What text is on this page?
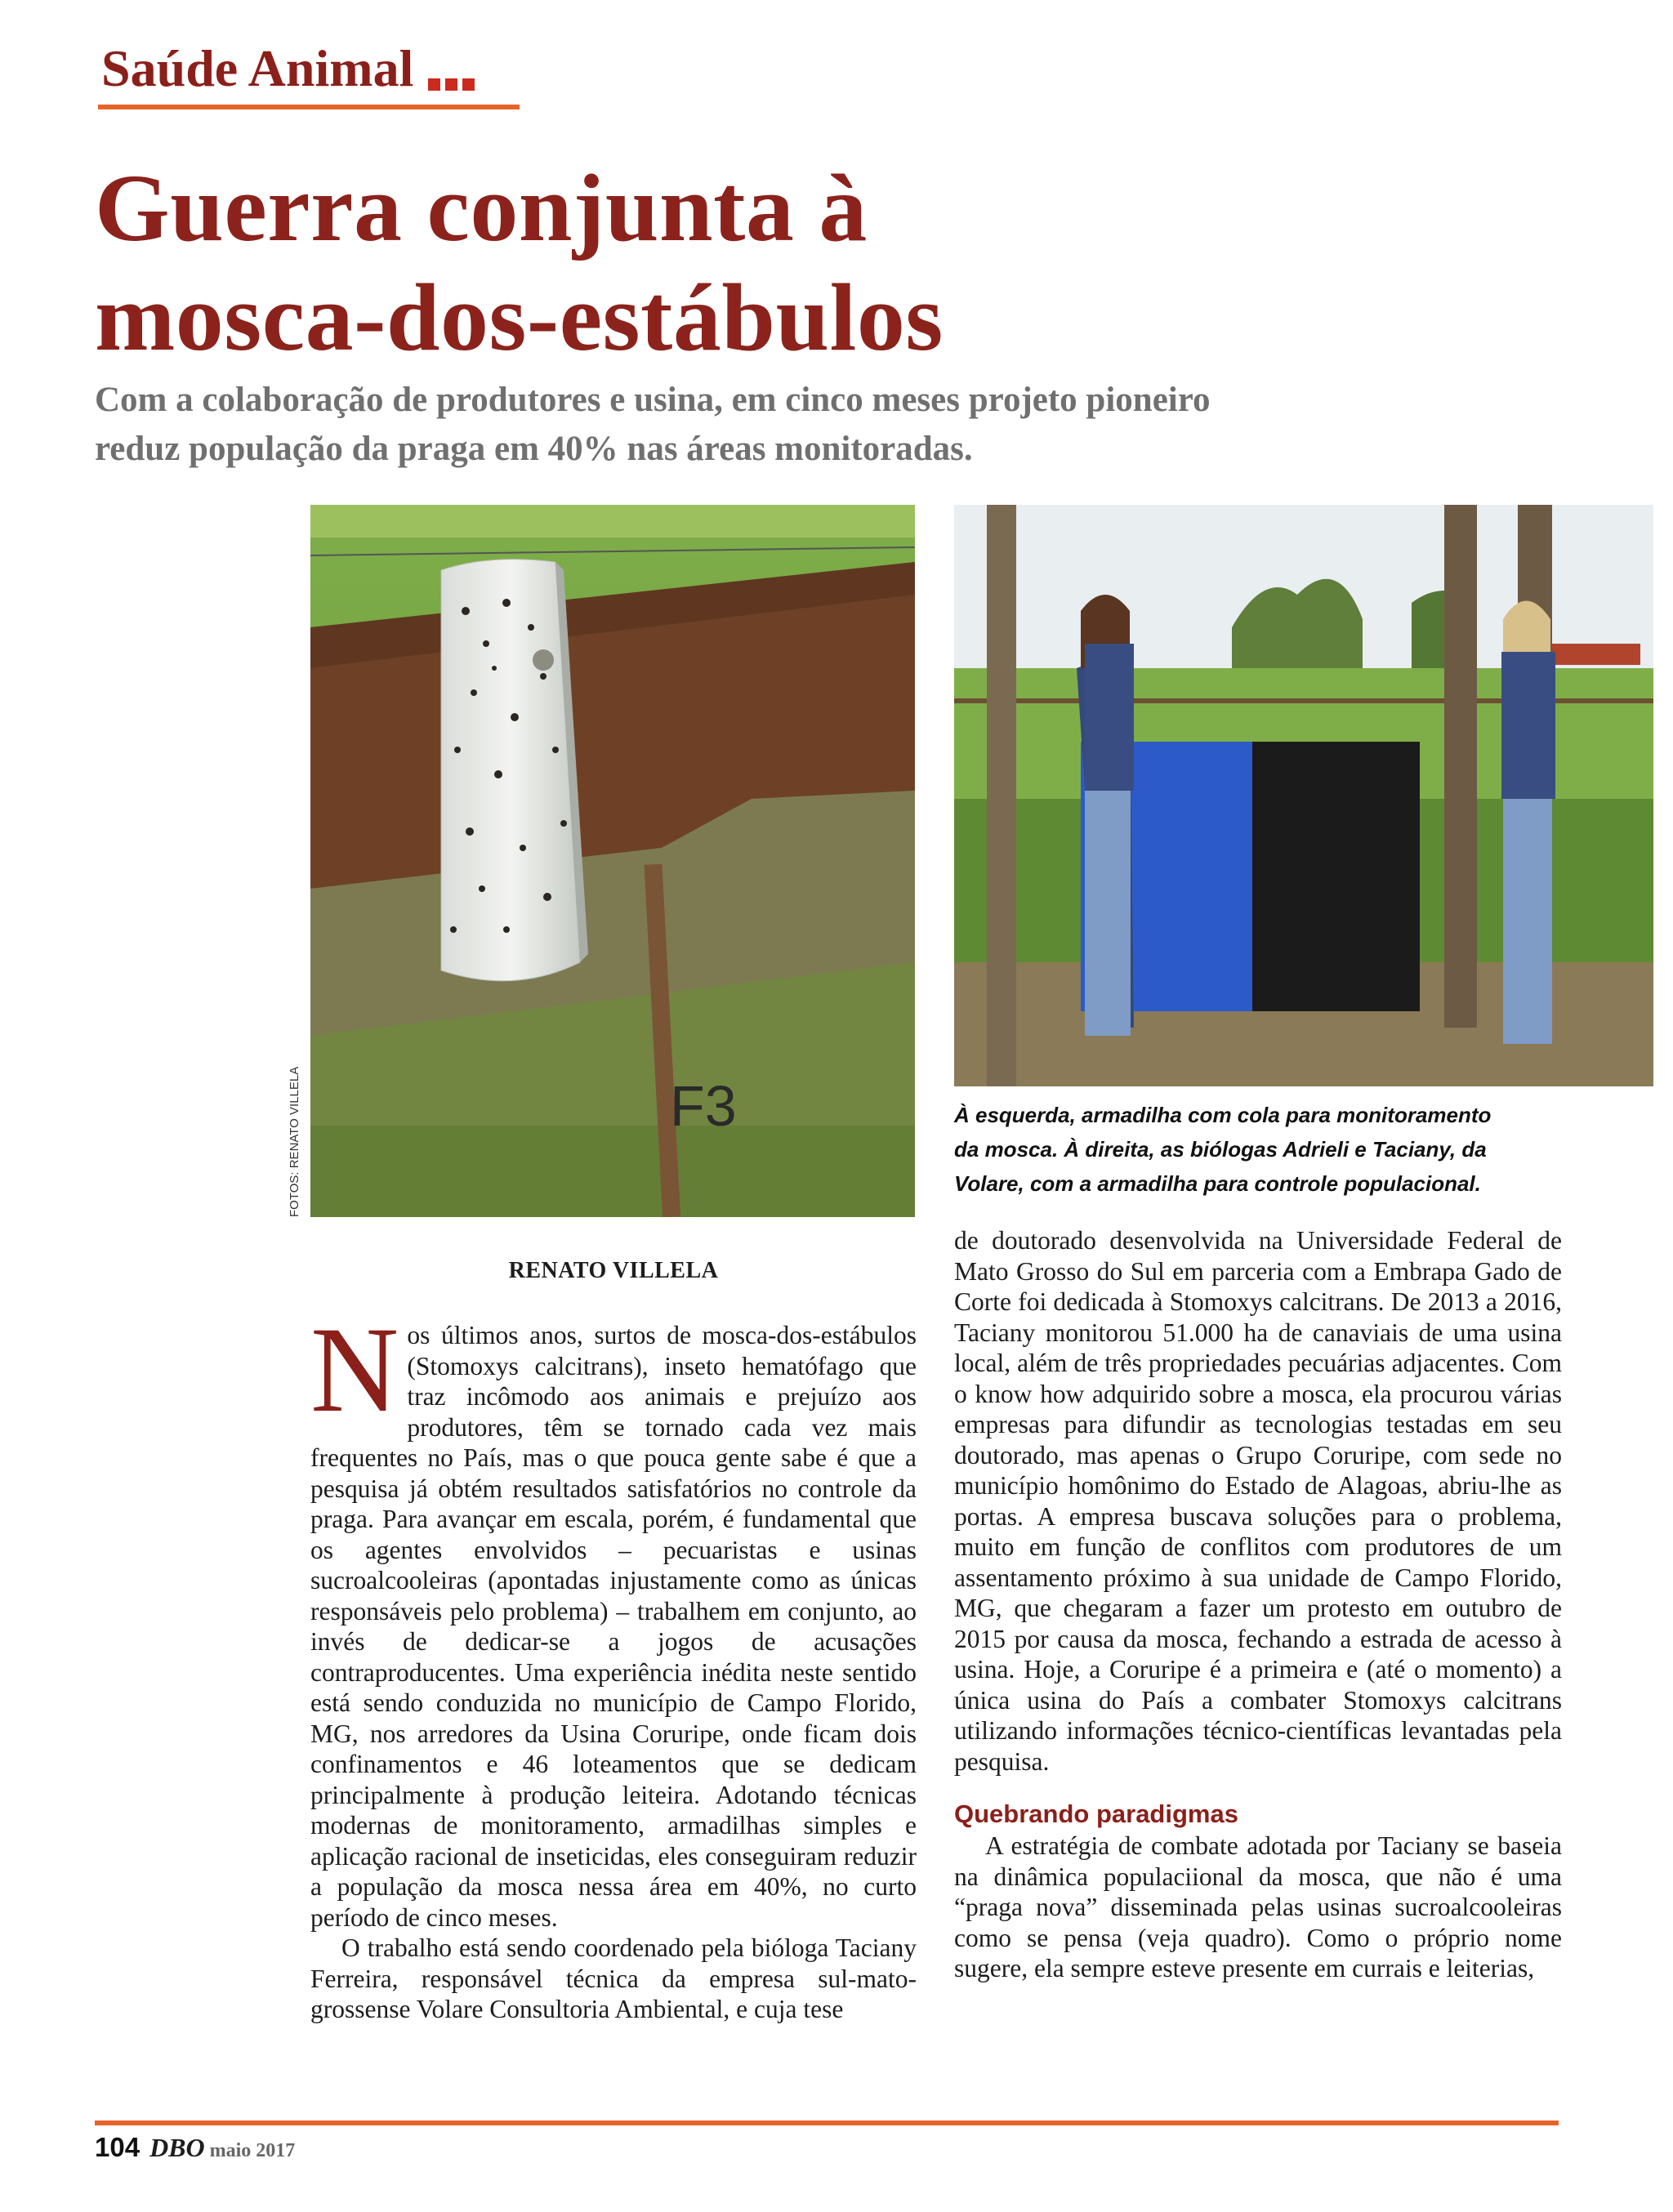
Saúde Animal
Guerra conjunta à
mosca-dos-estábulos
Com a colaboração de produtores e usina, em cinco meses projeto pioneiro
reduz população da praga em 40% nas áreas monitoradas.
F3
FOTOS: RENATO VILLELA	À esquerda, armadilha com cola para monitoramento
da mosca. À direita, as biólogas Adrieli e Taciany, da
Volare, com a armadilha para controle populacional.
RENATO VILLELA

Nos últimos anos, surtos de mosca-dos-estábulos (Stomoxys calcitrans), inseto hematófago que traz incômodo aos animais e prejuízo aos produtores, têm se tornado cada vez mais frequentes no País, mas o que pouca gente sabe é que a pesquisa já obtém resultados satisfatórios no controle da praga. Para avançar em escala, porém, é fundamental que os agentes envolvidos – pecuaristas e usinas sucroalcooleiras (apontadas injustamente como as únicas responsáveis pelo problema) – trabalhem em conjunto, ao invés de dedicar-se a jogos de acusações contraproducentes. Uma experiência inédita neste sentido está sendo conduzida no município de Campo Florido, MG, nos arredores da Usina Coruripe, onde ficam dois confinamentos e 46 loteamentos que se dedicam principalmente à produção leiteira. Adotando técnicas modernas de monitoramento, armadilhas simples e aplicação racional de inseticidas, eles conseguiram reduzir a população da mosca nessa área em 40%, no curto período de cinco meses.

O trabalho está sendo coordenado pela bióloga Taciany Ferreira, responsável técnica da empresa sul-mato-grossense Volare Consultoria Ambiental, e cuja tese

de doutorado desenvolvida na Universidade Federal de Mato Grosso do Sul em parceria com a Embrapa Gado de Corte foi dedicada à Stomoxys calcitrans. De 2013 a 2016, Taciany monitorou 51.000 ha de canaviais de uma usina local, além de três propriedades pecuárias adjacentes. Com o know how adquirido sobre a mosca, ela procurou várias empresas para difundir as tecnologias testadas em seu doutorado, mas apenas o Grupo Coruripe, com sede no município homônimo do Estado de Alagoas, abriu-lhe as portas. A empresa buscava soluções para o problema, muito em função de conflitos com produtores de um assentamento próximo à sua unidade de Campo Florido, MG, que chegaram a fazer um protesto em outubro de 2015 por causa da mosca, fechando a estrada de acesso à usina. Hoje, a Coruripe é a primeira e (até o momento) a única usina do País a combater Stomoxys calcitrans utilizando informações técnico-científicas levantadas pela pesquisa.

Quebrando paradigmas

A estratégia de combate adotada por Taciany se baseia na dinâmica populaciional da mosca, que não é uma “praga nova” disseminada pelas usinas sucroalcooleiras como se pensa (veja quadro). Como o próprio nome sugere, ela sempre esteve presente em currais e leiterias,

104 DBO maio 2017
